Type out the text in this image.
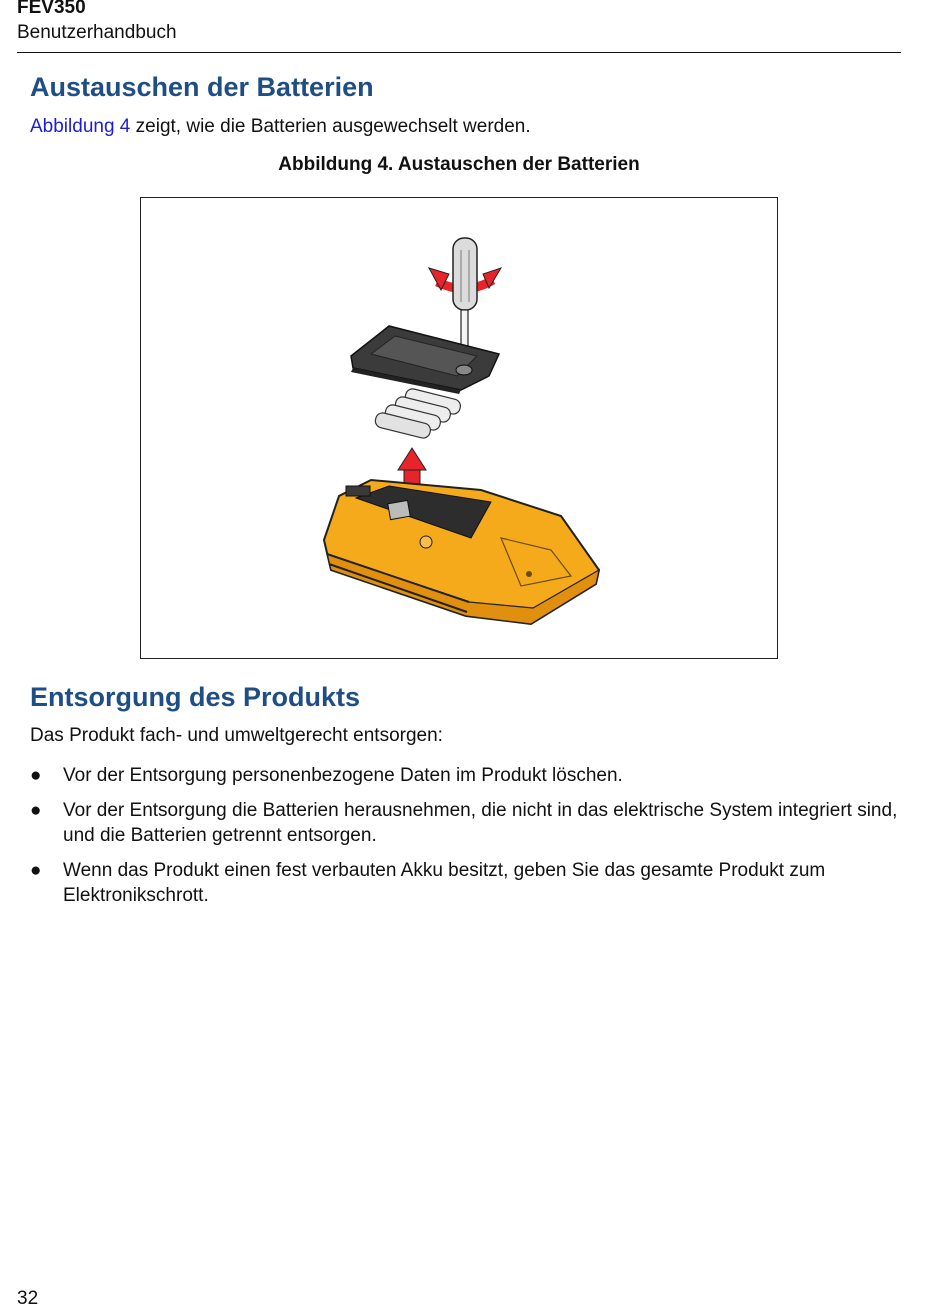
FEV350
Benutzerhandbuch
Austauschen der Batterien

Abbildung 4 zeigt, wie die Batterien ausgewechselt werden.

Abbildung 4. Austauschen der Batterien
Entsorgung des Produkts

Das Produkt fach- und umweltgerecht entsorgen:

● Vor der Entsorgung personenbezogene Daten im Produkt löschen.
● Vor der Entsorgung die Batterien herausnehmen, die nicht in das elektrische System integriert sind, und die Batterien getrennt entsorgen.
● Wenn das Produkt einen fest verbauten Akku besitzt, geben Sie das gesamte Produkt zum Elektronikschrott.
32
